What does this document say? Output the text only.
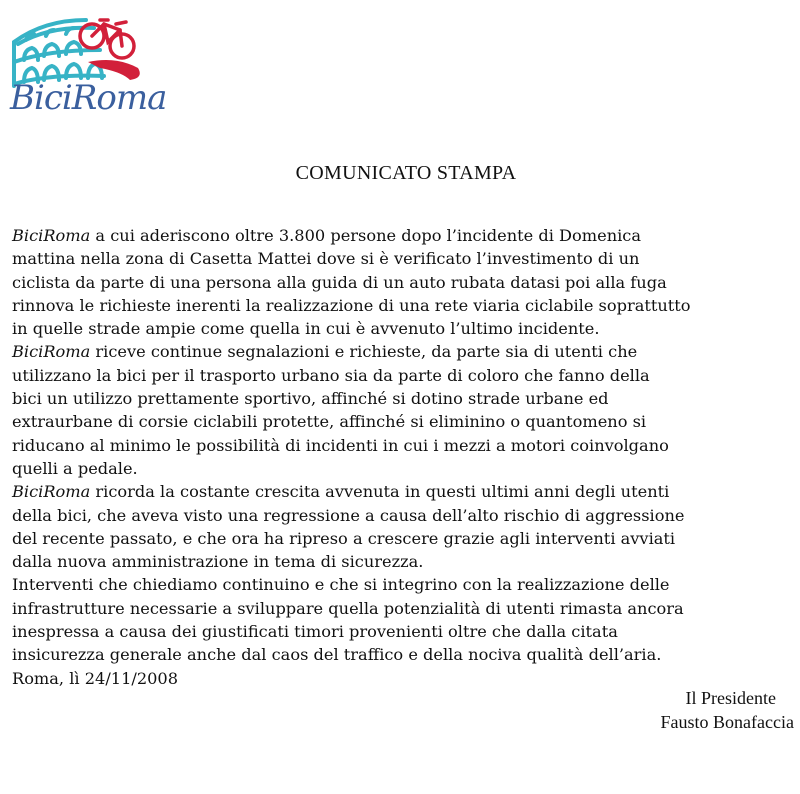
BiciRoma
COMUNICATO STAMPA
BiciRoma a cui aderiscono oltre 3.800 persone dopo l’incidente di Domenica
mattina nella zona di Casetta Mattei dove si è verificato l’investimento di un
ciclista da parte di una persona alla guida di un auto rubata datasi poi alla fuga
rinnova le richieste inerenti la realizzazione di una rete viaria ciclabile soprattutto
in quelle strade ampie come quella in cui è avvenuto l’ultimo incidente.
BiciRoma riceve continue segnalazioni e richieste, da parte sia di utenti che
utilizzano la bici per il trasporto urbano sia da parte di coloro che fanno della
bici un utilizzo prettamente sportivo, affinché si dotino strade urbane ed
extraurbane di corsie ciclabili protette, affinché si eliminino o quantomeno si
riducano al minimo le possibilità di incidenti in cui i mezzi a motori coinvolgano
quelli a pedale.
BiciRoma ricorda la costante crescita avvenuta in questi ultimi anni degli utenti
della bici, che aveva visto una regressione a causa dell’alto rischio di aggressione
del recente passato, e che ora ha ripreso a crescere grazie agli interventi avviati
dalla nuova amministrazione in tema di sicurezza.
Interventi che chiediamo continuino e che si integrino con la realizzazione delle
infrastrutture necessarie a sviluppare quella potenzialità di utenti rimasta ancora
inespressa a causa dei giustificati timori provenienti oltre che dalla citata
insicurezza generale anche dal caos del traffico e della nociva qualità dell’aria.
Roma, lì 24/11/2008
Il Presidente
Fausto Bonafaccia
